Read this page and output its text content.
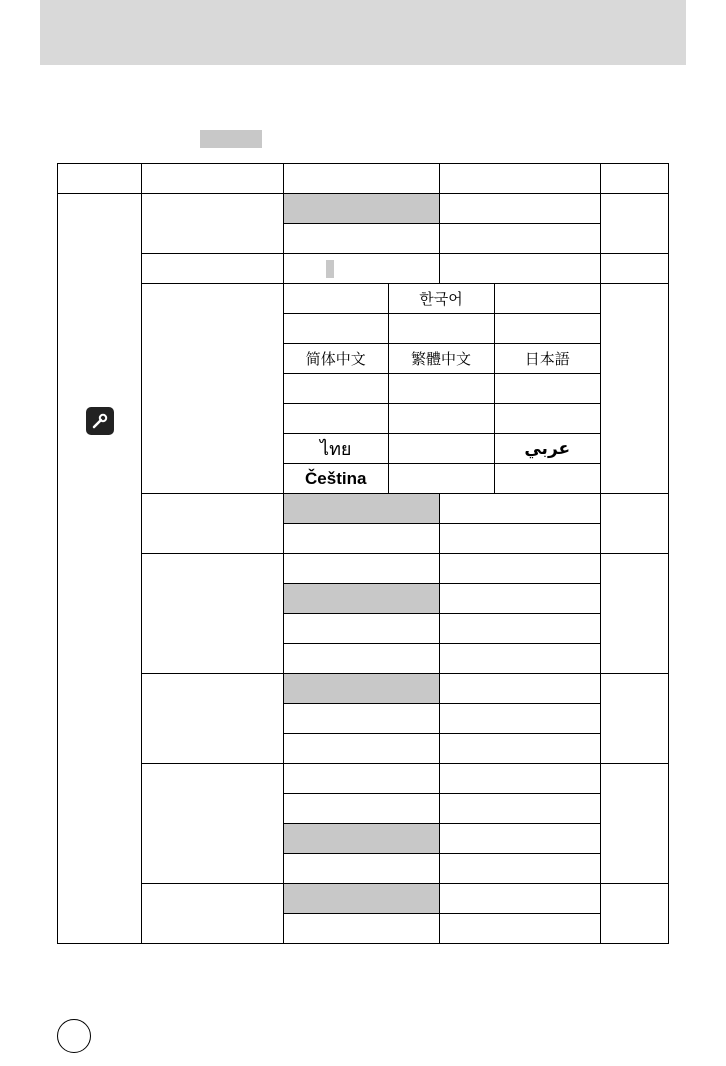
	한국어	

简体中文	繁體中文	日本語

ไทย		عربي

Čeština		
